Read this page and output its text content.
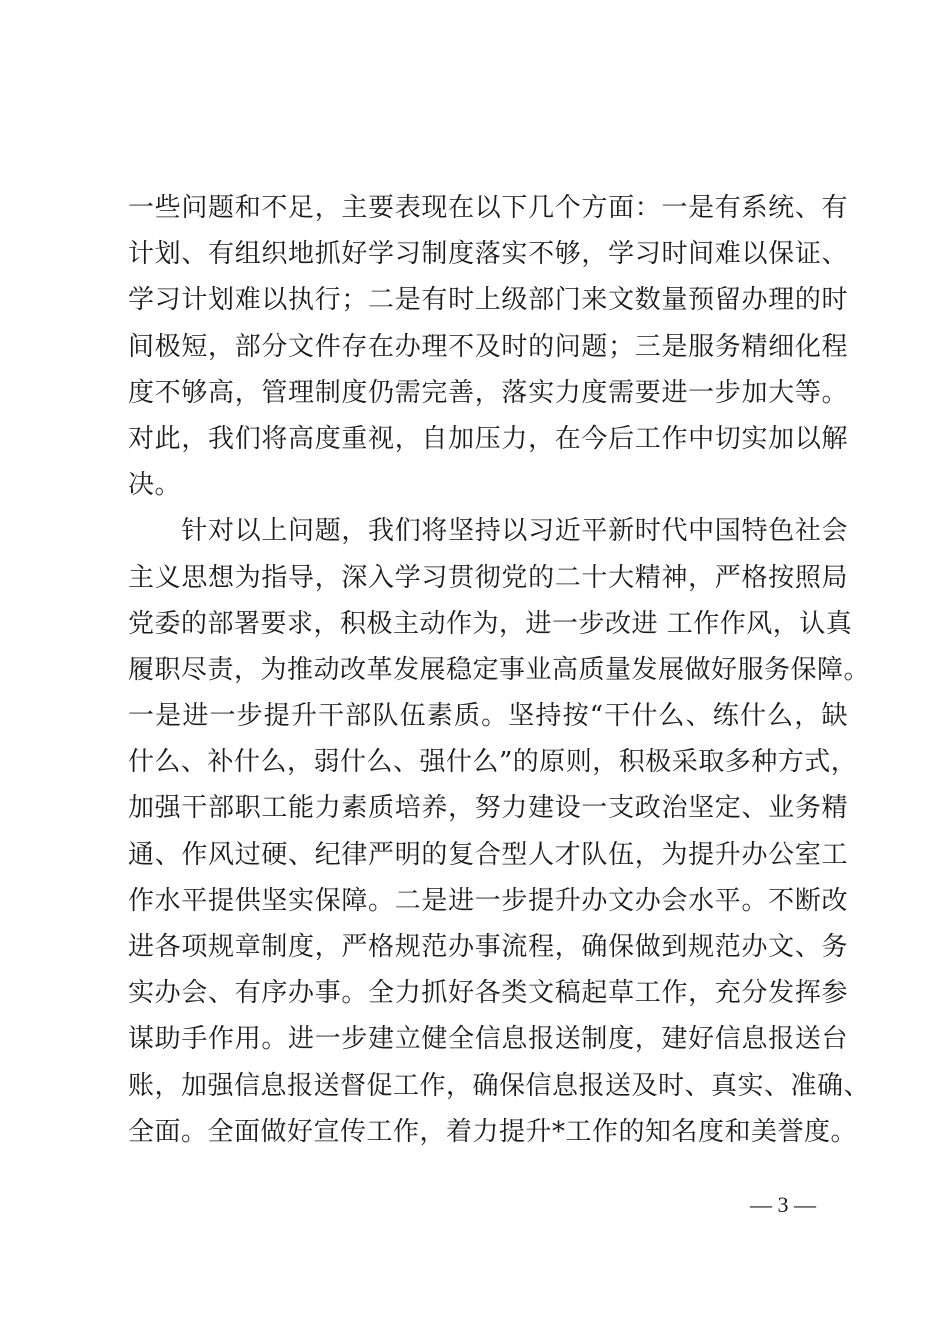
一些问题和不足，主要表现在以下几个方面：一是有系统、有
计划、有组织地抓好学习制度落实不够，学习时间难以保证、
学习计划难以执行；二是有时上级部门来文数量预留办理的时
间极短，部分文件存在办理不及时的问题；三是服务精细化程
度不够高，管理制度仍需完善，落实力度需要进一步加大等。
对此，我们将高度重视，自加压力，在今后工作中切实加以解
决。
　　针对以上问题，我们将坚持以习近平新时代中国特色社会
主义思想为指导，深入学习贯彻党的二十大精神，严格按照局
党委的部署要求，积极主动作为，进一步改进 工作作风，认真
履职尽责，为推动改革发展稳定事业高质量发展做好服务保障。
一是进一步提升干部队伍素质。坚持按“干什么、练什么，缺
什么、补什么，弱什么、强什么”的原则，积极采取多种方式，
加强干部职工能力素质培养，努力建设一支政治坚定、业务精
通、作风过硬、纪律严明的复合型人才队伍，为提升办公室工
作水平提供坚实保障。二是进一步提升办文办会水平。不断改
进各项规章制度，严格规范办事流程，确保做到规范办文、务
实办会、有序办事。全力抓好各类文稿起草工作，充分发挥参
谋助手作用。进一步建立健全信息报送制度，建好信息报送台
账，加强信息报送督促工作，确保信息报送及时、真实、准确、
全面。全面做好宣传工作，着力提升*工作的知名度和美誉度。
— 3 —
